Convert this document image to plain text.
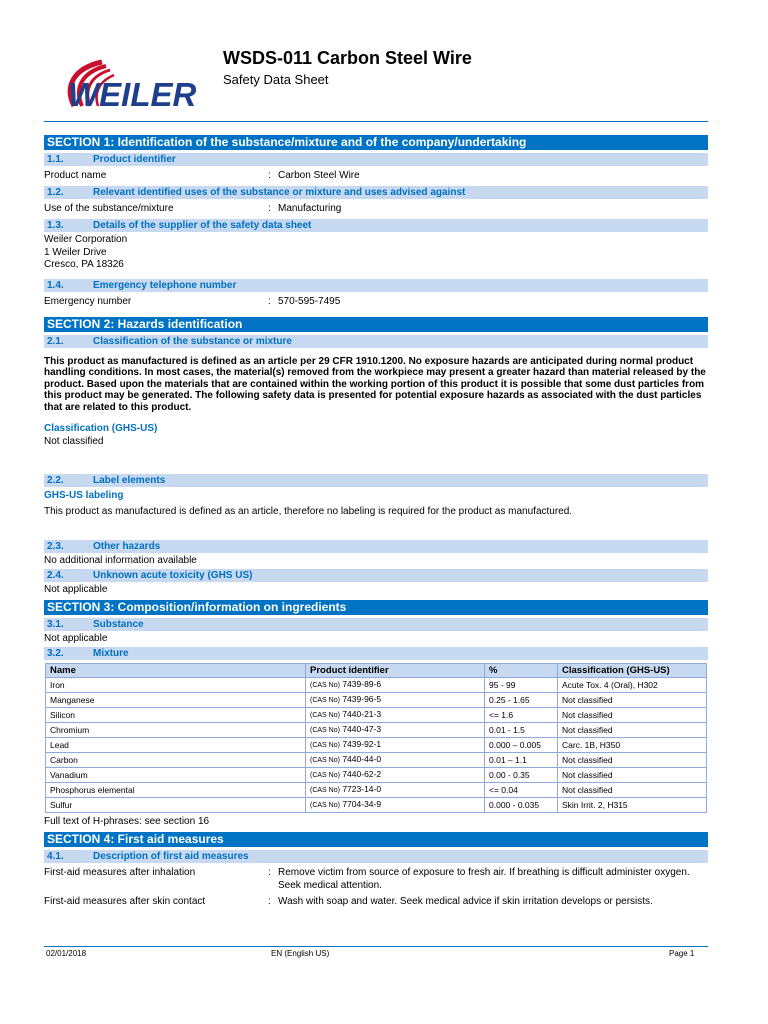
WEILER
WSDS-011 Carbon Steel Wire
Safety Data Sheet
SECTION 1: Identification of the substance/mixture and of the company/undertaking
1.1.	Product identifier
Product name	: Carbon Steel Wire
1.2.	Relevant identified uses of the substance or mixture and uses advised against
Use of the substance/mixture	: Manufacturing
1.3.	Details of the supplier of the safety data sheet
Weiler Corporation
1 Weiler Drive
Cresco, PA 18326
1.4.	Emergency telephone number
Emergency number	: 570-595-7495
SECTION 2: Hazards identification
2.1.	Classification of the substance or mixture
This product as manufactured is defined as an article per 29 CFR 1910.1200. No exposure hazards are anticipated during normal product handling conditions. In most cases, the material(s) removed from the workpiece may present a greater hazard than material released by the product. Based upon the materials that are contained within the working portion of this product it is possible that some dust particles from this product may be generated. The following safety data is presented for potential exposure hazards as associated with the dust particles that are related to this product.
Classification (GHS-US)
Not classified
2.2.	Label elements
GHS-US labeling
This product as manufactured is defined as an article, therefore no labeling is required for the product as manufactured.
2.3.	Other hazards
No additional information available
2.4.	Unknown acute toxicity (GHS US)
Not applicable
SECTION 3: Composition/information on ingredients
3.1.	Substance
Not applicable
3.2.	Mixture
Name	Product identifier	%	Classification (GHS-US)
Iron	(CAS No) 7439-89-6	95 - 99	Acute Tox. 4 (Oral), H302
Manganese	(CAS No) 7439-96-5	0.25 - 1.65	Not classified
Silicon	(CAS No) 7440-21-3	<= 1.6	Not classified
Chromium	(CAS No) 7440-47-3	0.01 - 1.5	Not classified
Lead	(CAS No) 7439-92-1	0.000 – 0.005	Carc. 1B, H350
Carbon	(CAS No) 7440-44-0	0.01 – 1.1	Not classified
Vanadium	(CAS No) 7440-62-2	0.00 - 0.35	Not classified
Phosphorus elemental	(CAS No) 7723-14-0	<= 0.04	Not classified
Sulfur	(CAS No) 7704-34-9	0.000 - 0.035	Skin Irrit. 2, H315
Full text of H-phrases: see section 16
SECTION 4: First aid measures
4.1.	Description of first aid measures
First-aid measures after inhalation	: Remove victim from source of exposure to fresh air. If breathing is difficult administer oxygen. Seek medical attention.
First-aid measures after skin contact	: Wash with soap and water. Seek medical advice if skin irritation develops or persists.
02/01/2018	EN (English US)	Page 1
